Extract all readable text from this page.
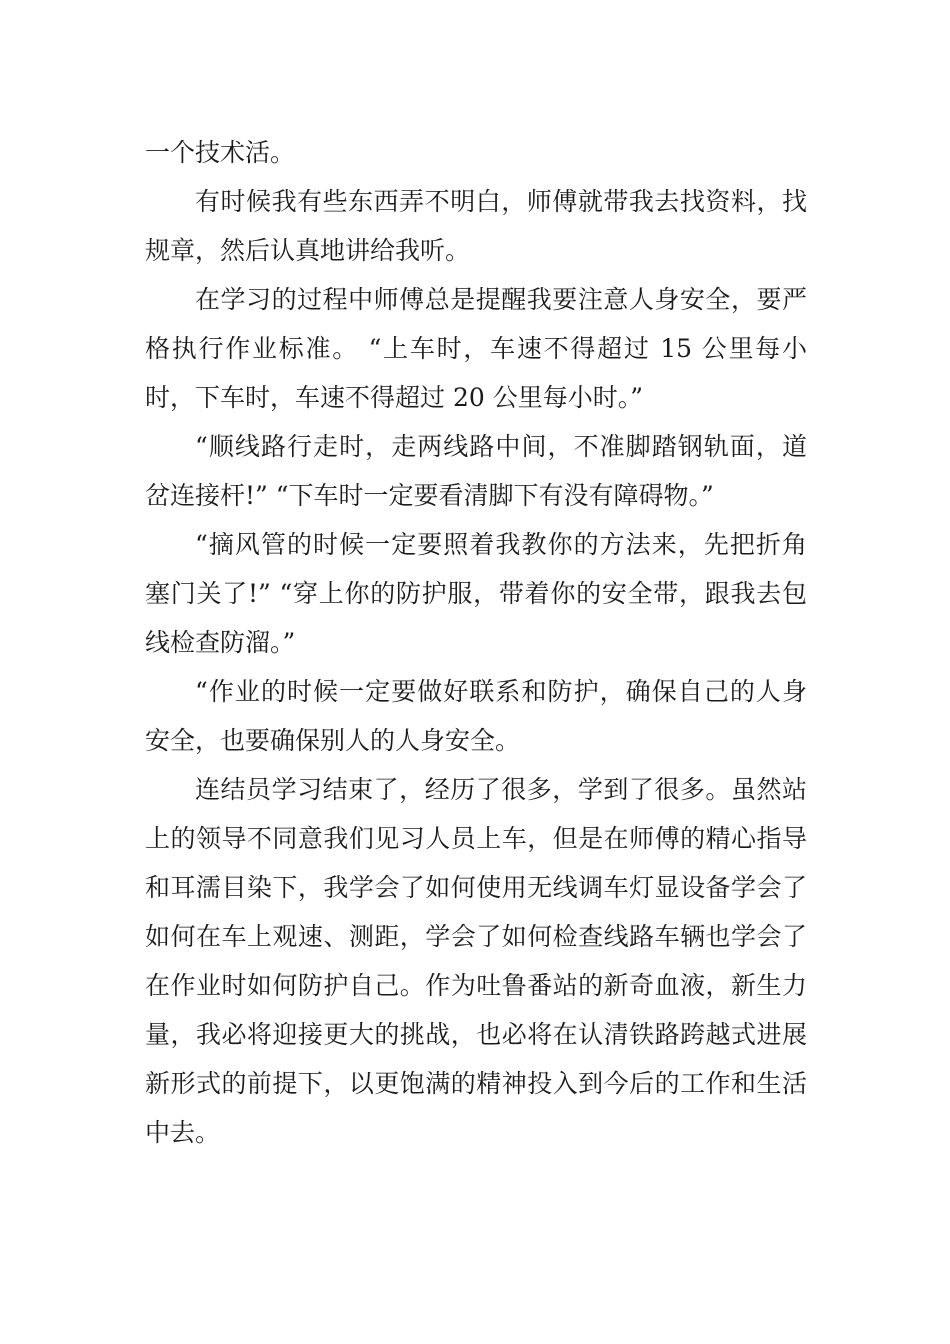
一个技术活。

有时候我有些东西弄不明白，师傅就带我去找资料，找规章，然后认真地讲给我听。

在学习的过程中师傅总是提醒我要注意人身安全，要严格执行作业标准。 “上车时，车速不得超过 15 公里每小时，下车时，车速不得超过 20 公里每小时。”

“顺线路行走时，走两线路中间，不准脚踏钢轨面，道岔连接杆!” “下车时一定要看清脚下有没有障碍物。”

“摘风管的时候一定要照着我教你的方法来，先把折角塞门关了!” “穿上你的防护服，带着你的安全带，跟我去包线检查防溜。”

“作业的时候一定要做好联系和防护，确保自己的人身安全，也要确保别人的人身安全。

连结员学习结束了，经历了很多，学到了很多。虽然站上的领导不同意我们见习人员上车，但是在师傅的精心指导和耳濡目染下，我学会了如何使用无线调车灯显设备学会了如何在车上观速、测距，学会了如何检查线路车辆也学会了在作业时如何防护自己。作为吐鲁番站的新奇血液，新生力量，我必将迎接更大的挑战，也必将在认清铁路跨越式进展新形式的前提下，以更饱满的精神投入到今后的工作和生活中去。
